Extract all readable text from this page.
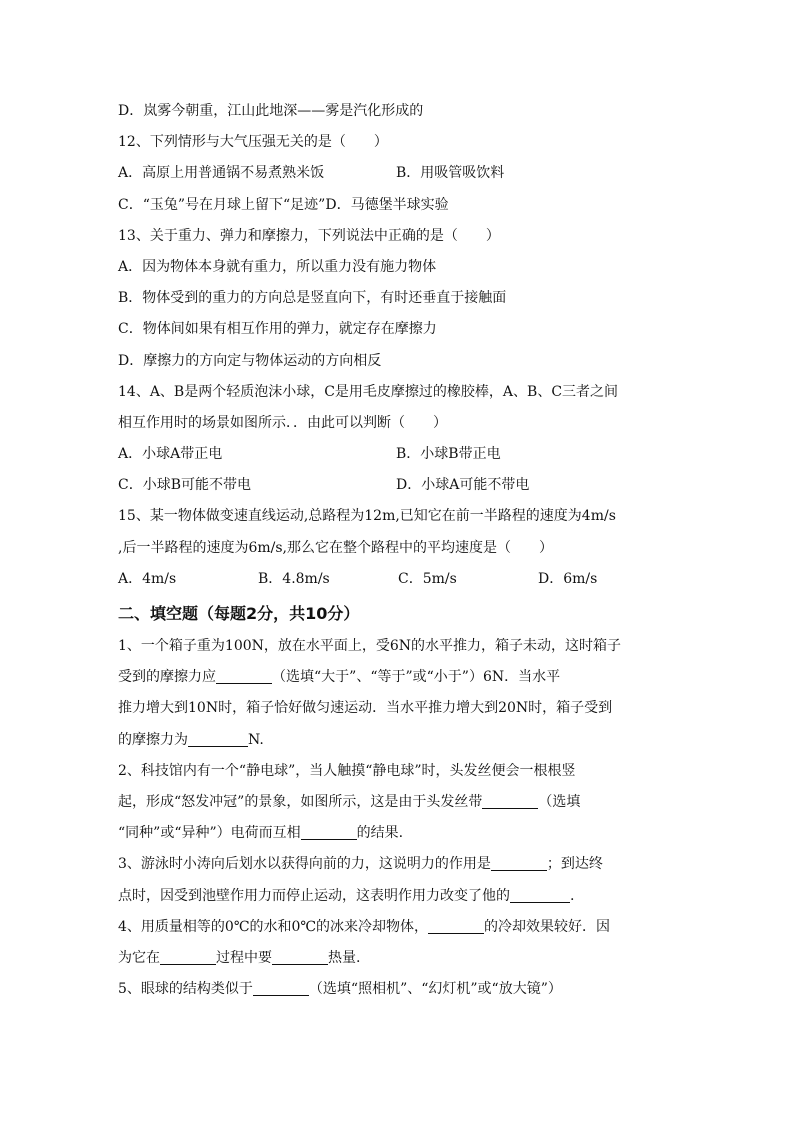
D．岚雾今朝重，江山此地深——雾是汽化形成的
12、下列情形与大气压强无关的是（　　）
A．高原上用普通锅不易煮熟米饭	B．用吸管吸饮料
C．“玉兔”号在月球上留下“足迹”D．马德堡半球实验
13、关于重力、弹力和摩擦力，下列说法中正确的是（　　）
A．因为物体本身就有重力，所以重力没有施力物体
B．物体受到的重力的方向总是竖直向下，有时还垂直于接触面
C．物体间如果有相互作用的弹力，就定存在摩擦力
D．摩擦力的方向定与物体运动的方向相反
14、A、B是两个轻质泡沫小球，C是用毛皮摩擦过的橡胶棒，A、B、C三者之间
相互作用时的场景如图所示．．由此可以判断（　　）
A．小球A带正电	B．小球B带正电
C．小球B可能不带电	D．小球A可能不带电
15、某一物体做变速直线运动,总路程为12m,已知它在前一半路程的速度为4m/s
,后一半路程的速度为6m/s,那么它在整个路程中的平均速度是（　　）
A．4m/s	B．4.8m/s	C．5m/s	D．6m/s
二、填空题（每题2分，共10分）
1、一个箱子重为100N，放在水平面上，受6N的水平推力，箱子未动，这时箱子
受到的摩擦力应	（选填“大于”、“等于”或“小于”）6N．当水平
推力增大到10N时，箱子恰好做匀速运动．当水平推力增大到20N时，箱子受到
的摩擦力为	N.
2、科技馆内有一个“静电球”，当人触摸“静电球”时，头发丝便会一根根竖
起，形成“怒发冲冠”的景象，如图所示，这是由于头发丝带	（选填
“同种”或“异种”）电荷而互相	的结果.
3、游泳时小涛向后划水以获得向前的力，这说明力的作用是	；到达终
点时，因受到池壁作用力而停止运动，这表明作用力改变了他的	.
4、用质量相等的0℃的水和0℃的冰来冷却物体，	的冷却效果较好．因
为它在	过程中要	热量.
5、眼球的结构类似于	（选填“照相机”、“幻灯机”或“放大镜”）
